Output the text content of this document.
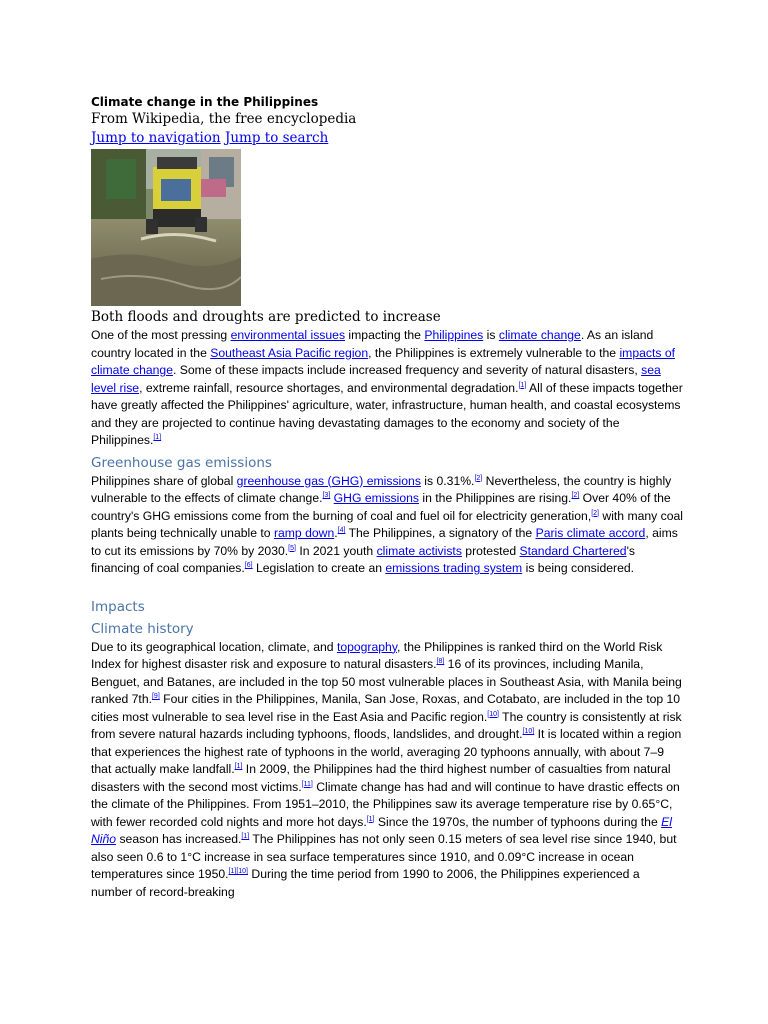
Climate change in the Philippines

From Wikipedia, the free encyclopedia

Jump to navigation Jump to search

Both floods and droughts are predicted to increase

One of the most pressing environmental issues impacting the Philippines is climate change. As an island country located in the Southeast Asia Pacific region, the Philippines is extremely vulnerable to the impacts of climate change. Some of these impacts include increased frequency and severity of natural disasters, sea level rise, extreme rainfall, resource shortages, and environmental degradation.[1] All of these impacts together have greatly affected the Philippines' agriculture, water, infrastructure, human health, and coastal ecosystems and they are projected to continue having devastating damages to the economy and society of the Philippines.[1]

Greenhouse gas emissions

Philippines share of global greenhouse gas (GHG) emissions is 0.31%.[2] Nevertheless, the country is highly vulnerable to the effects of climate change.[3] GHG emissions in the Philippines are rising.[2] Over 40% of the country's GHG emissions come from the burning of coal and fuel oil for electricity generation,[2] with many coal plants being technically unable to ramp down.[4] The Philippines, a signatory of the Paris climate accord, aims to cut its emissions by 70% by 2030.[5] In 2021 youth climate activists protested Standard Chartered's financing of coal companies.[6] Legislation to create an emissions trading system is being considered.

Impacts
Climate history

Due to its geographical location, climate, and topography, the Philippines is ranked third on the World Risk Index for highest disaster risk and exposure to natural disasters.[8] 16 of its provinces, including Manila, Benguet, and Batanes, are included in the top 50 most vulnerable places in Southeast Asia, with Manila being ranked 7th.[9] Four cities in the Philippines, Manila, San Jose, Roxas, and Cotabato, are included in the top 10 cities most vulnerable to sea level rise in the East Asia and Pacific region.[10] The country is consistently at risk from severe natural hazards including typhoons, floods, landslides, and drought.[10] It is located within a region that experiences the highest rate of typhoons in the world, averaging 20 typhoons annually, with about 7–9 that actually make landfall.[1] In 2009, the Philippines had the third highest number of casualties from natural disasters with the second most victims.[11] Climate change has had and will continue to have drastic effects on the climate of the Philippines. From 1951–2010, the Philippines saw its average temperature rise by 0.65°C, with fewer recorded cold nights and more hot days.[1] Since the 1970s, the number of typhoons during the El Niño season has increased.[1] The Philippines has not only seen 0.15 meters of sea level rise since 1940, but also seen 0.6 to 1°C increase in sea surface temperatures since 1910, and 0.09°C increase in ocean temperatures since 1950.[1][10] During the time period from 1990 to 2006, the Philippines experienced a number of record-breaking
